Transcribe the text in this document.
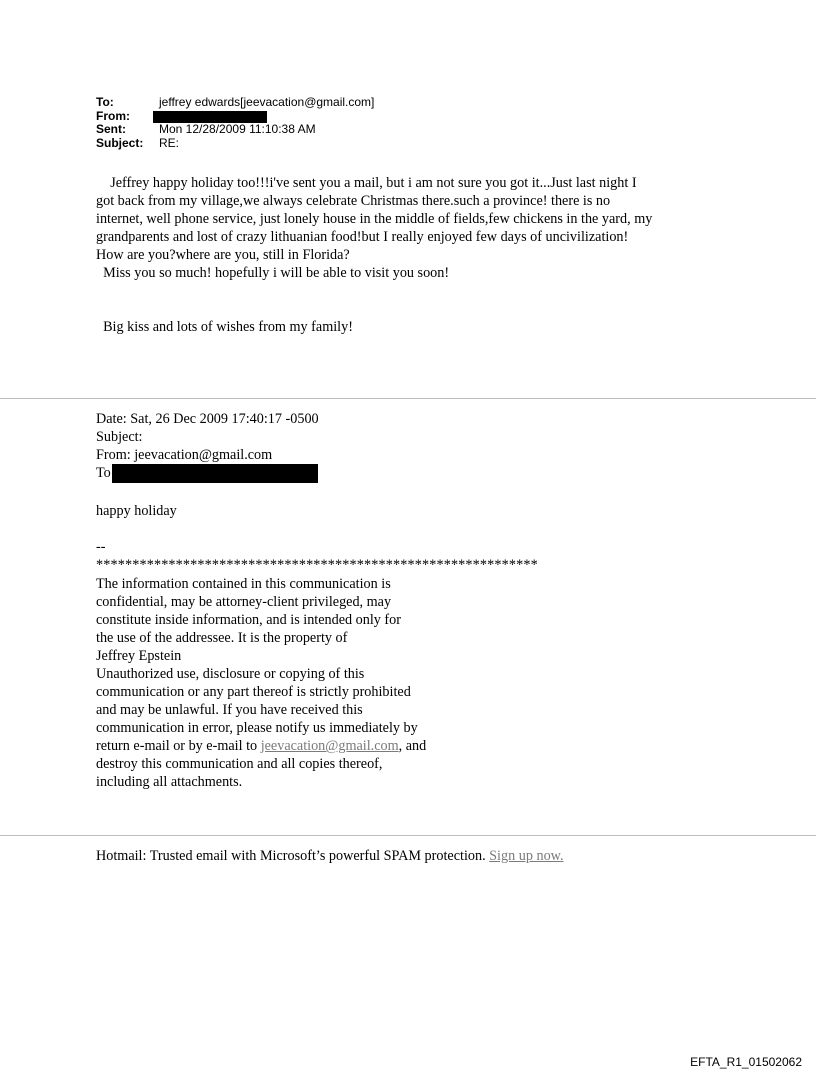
To:	jeffrey edwards[jeevacation@gmail.com]
From:
Sent:	Mon 12/28/2009 11:10:38 AM
Subject:	RE:
Jeffrey happy holiday too!!!i've sent you a mail, but i am not sure you got it...Just last night I
got back from my village,we always celebrate Christmas there.such a province! there is no
internet, well phone service, just lonely house in the middle of fields,few chickens in the yard, my
grandparents and lost of crazy lithuanian food!but I really enjoyed few days of uncivilization!
How are you?where are you, still in Florida?
Miss you so much! hopefully i will be able to visit you soon!
Big kiss and lots of wishes from my family!
Date: Sat, 26 Dec 2009 17:40:17 -0500
Subject:
From: jeevacation@gmail.com
To
happy holiday
--
*************************************************************
The information contained in this communication is
confidential, may be attorney-client privileged, may
constitute inside information, and is intended only for
the use of the addressee. It is the property of
Jeffrey Epstein
Unauthorized use, disclosure or copying of this
communication or any part thereof is strictly prohibited
and may be unlawful. If you have received this
communication in error, please notify us immediately by
return e-mail or by e-mail to jeevacation@gmail.com, and
destroy this communication and all copies thereof,
including all attachments.
Hotmail: Trusted email with Microsoft’s powerful SPAM protection. Sign up now.
EFTA_R1_01502062
